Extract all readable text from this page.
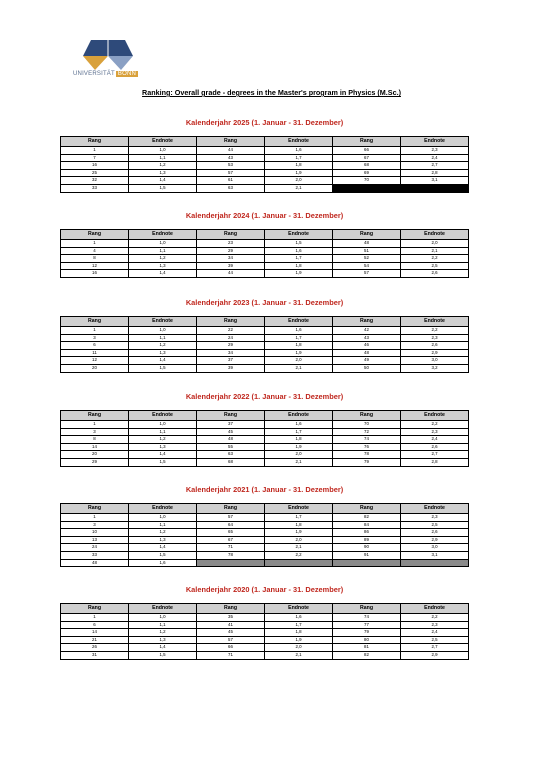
UNIVERSITÄT BONN
Ranking: Overall grade - degrees in the Master's program in Physics (M.Sc.)
Kalenderjahr 2025 (1. Januar - 31. Dezember)
Rang	Endnote	Rang	Endnote	Rang	Endnote
1	1,0	44	1,6	66	2,3
7	1,1	43	1,7	67	2,4
16	1,2	53	1,8	68	2,7
25	1,3	57	1,9	69	2,8
32	1,4	61	2,0	70	3,1
33	1,5	63	2,1		
Kalenderjahr 2024 (1. Januar - 31. Dezember)
Rang	Endnote	Rang	Endnote	Rang	Endnote
1	1,0	23	1,5	48	2,0
4	1,1	29	1,6	51	2,1
8	1,2	34	1,7	52	2,2
12	1,3	39	1,8	54	2,5
16	1,4	44	1,9	57	2,6
Kalenderjahr 2023 (1. Januar - 31. Dezember)
Rang	Endnote	Rang	Endnote	Rang	Endnote
1	1,0	22	1,6	42	2,2
3	1,1	24	1,7	43	2,3
6	1,2	29	1,8	46	2,6
11	1,3	34	1,9	48	2,9
12	1,4	37	2,0	49	3,0
20	1,5	39	2,1	50	3,2
Kalenderjahr 2022 (1. Januar - 31. Dezember)
Rang	Endnote	Rang	Endnote	Rang	Endnote
1	1,0	37	1,6	70	2,2
3	1,1	45	1,7	72	2,3
8	1,2	48	1,8	74	2,4
14	1,3	55	1,9	76	2,6
20	1,4	63	2,0	78	2,7
29	1,5	68	2,1	79	2,8
Kalenderjahr 2021 (1. Januar - 31. Dezember)
Rang	Endnote	Rang	Endnote	Rang	Endnote
1	1,0	57	1,7	82	2,3
3	1,1	64	1,8	84	2,5
10	1,2	65	1,9	86	2,6
13	1,3	67	2,0	89	2,9
24	1,4	71	2,1	90	3,0
33	1,5	78	2,2	91	3,1
48	1,6				
Kalenderjahr 2020 (1. Januar - 31. Dezember)
Rang	Endnote	Rang	Endnote	Rang	Endnote
1	1,0	35	1,6	74	2,2
6	1,1	41	1,7	77	2,3
14	1,2	45	1,8	79	2,4
21	1,3	57	1,9	80	2,5
26	1,4	66	2,0	81	2,7
31	1,5	71	2,1	82	2,9
